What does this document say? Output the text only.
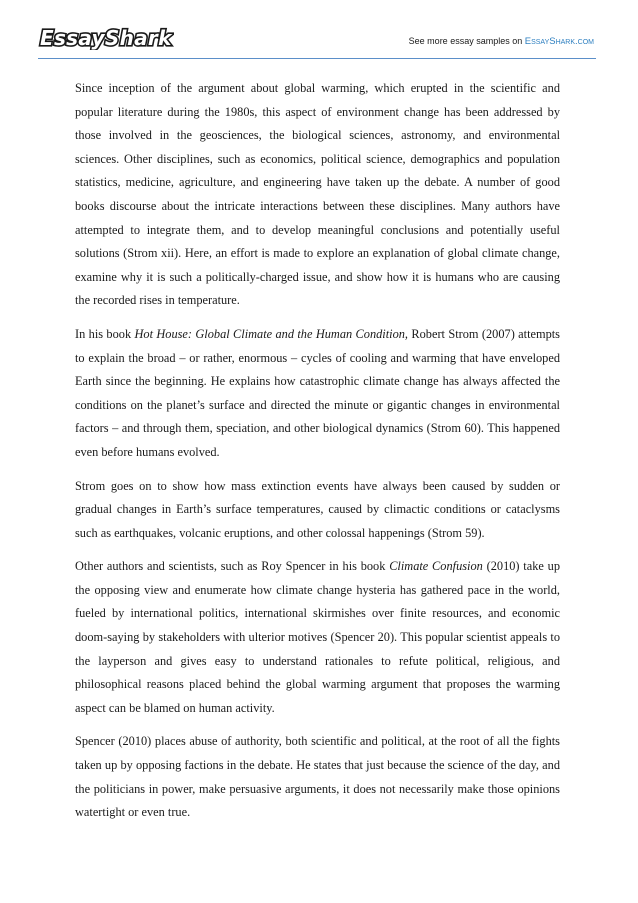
EssayShark	See more essay samples on EssayShark.com

Since inception of the argument about global warming, which erupted in the scientific and popular literature during the 1980s, this aspect of environment change has been addressed by those involved in the geosciences, the biological sciences, astronomy, and environmental sciences. Other disciplines, such as economics, political science, demographics and population statistics, medicine, agriculture, and engineering have taken up the debate. A number of good books discourse about the intricate interactions between these disciplines. Many authors have attempted to integrate them, and to develop meaningful conclusions and potentially useful solutions (Strom xii). Here, an effort is made to explore an explanation of global climate change, examine why it is such a politically-charged issue, and show how it is humans who are causing the recorded rises in temperature.

In his book Hot House: Global Climate and the Human Condition, Robert Strom (2007) attempts to explain the broad – or rather, enormous – cycles of cooling and warming that have enveloped Earth since the beginning. He explains how catastrophic climate change has always affected the conditions on the planet’s surface and directed the minute or gigantic changes in environmental factors – and through them, speciation, and other biological dynamics (Strom 60). This happened even before humans evolved.

Strom goes on to show how mass extinction events have always been caused by sudden or gradual changes in Earth’s surface temperatures, caused by climactic conditions or cataclysms such as earthquakes, volcanic eruptions, and other colossal happenings (Strom 59).

Other authors and scientists, such as Roy Spencer in his book Climate Confusion (2010) take up the opposing view and enumerate how climate change hysteria has gathered pace in the world, fueled by international politics, international skirmishes over finite resources, and economic doom-saying by stakeholders with ulterior motives (Spencer 20). This popular scientist appeals to the layperson and gives easy to understand rationales to refute political, religious, and philosophical reasons placed behind the global warming argument that proposes the warming aspect can be blamed on human activity.

Spencer (2010) places abuse of authority, both scientific and political, at the root of all the fights taken up by opposing factions in the debate. He states that just because the science of the day, and the politicians in power, make persuasive arguments, it does not necessarily make those opinions watertight or even true.
